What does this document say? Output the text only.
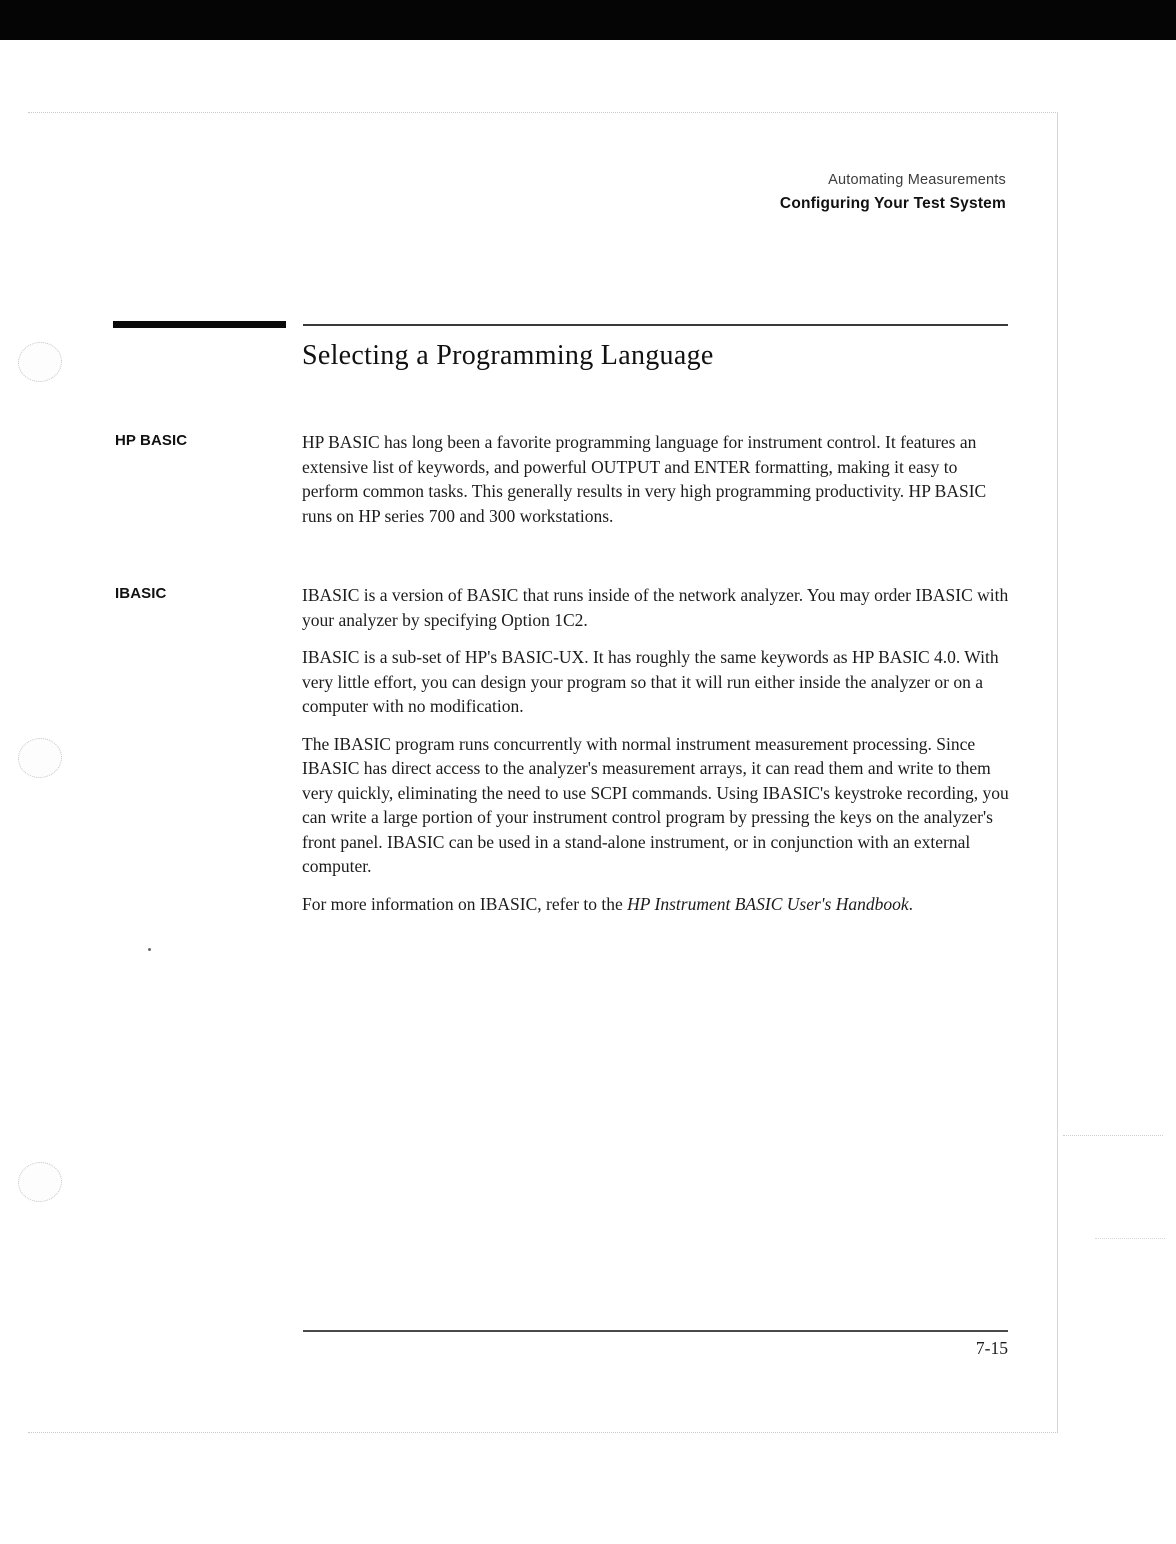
Automating Measurements
Configuring Your Test System
Selecting a Programming Language
HP BASIC	HP BASIC has long been a favorite programming language for instrument control. It features an extensive list of keywords, and powerful OUTPUT and ENTER formatting, making it easy to perform common tasks. This generally results in very high programming productivity. HP BASIC runs on HP series 700 and 300 workstations.

IBASIC	IBASIC is a version of BASIC that runs inside of the network analyzer. You may order IBASIC with your analyzer by specifying Option 1C2.

IBASIC is a sub-set of HP's BASIC-UX. It has roughly the same keywords as HP BASIC 4.0. With very little effort, you can design your program so that it will run either inside the analyzer or on a computer with no modification.

The IBASIC program runs concurrently with normal instrument measurement processing. Since IBASIC has direct access to the analyzer's measurement arrays, it can read them and write to them very quickly, eliminating the need to use SCPI commands. Using IBASIC's keystroke recording, you can write a large portion of your instrument control program by pressing the keys on the analyzer's front panel. IBASIC can be used in a stand-alone instrument, or in conjunction with an external computer.

For more information on IBASIC, refer to the HP Instrument BASIC User's Handbook.

7-15
